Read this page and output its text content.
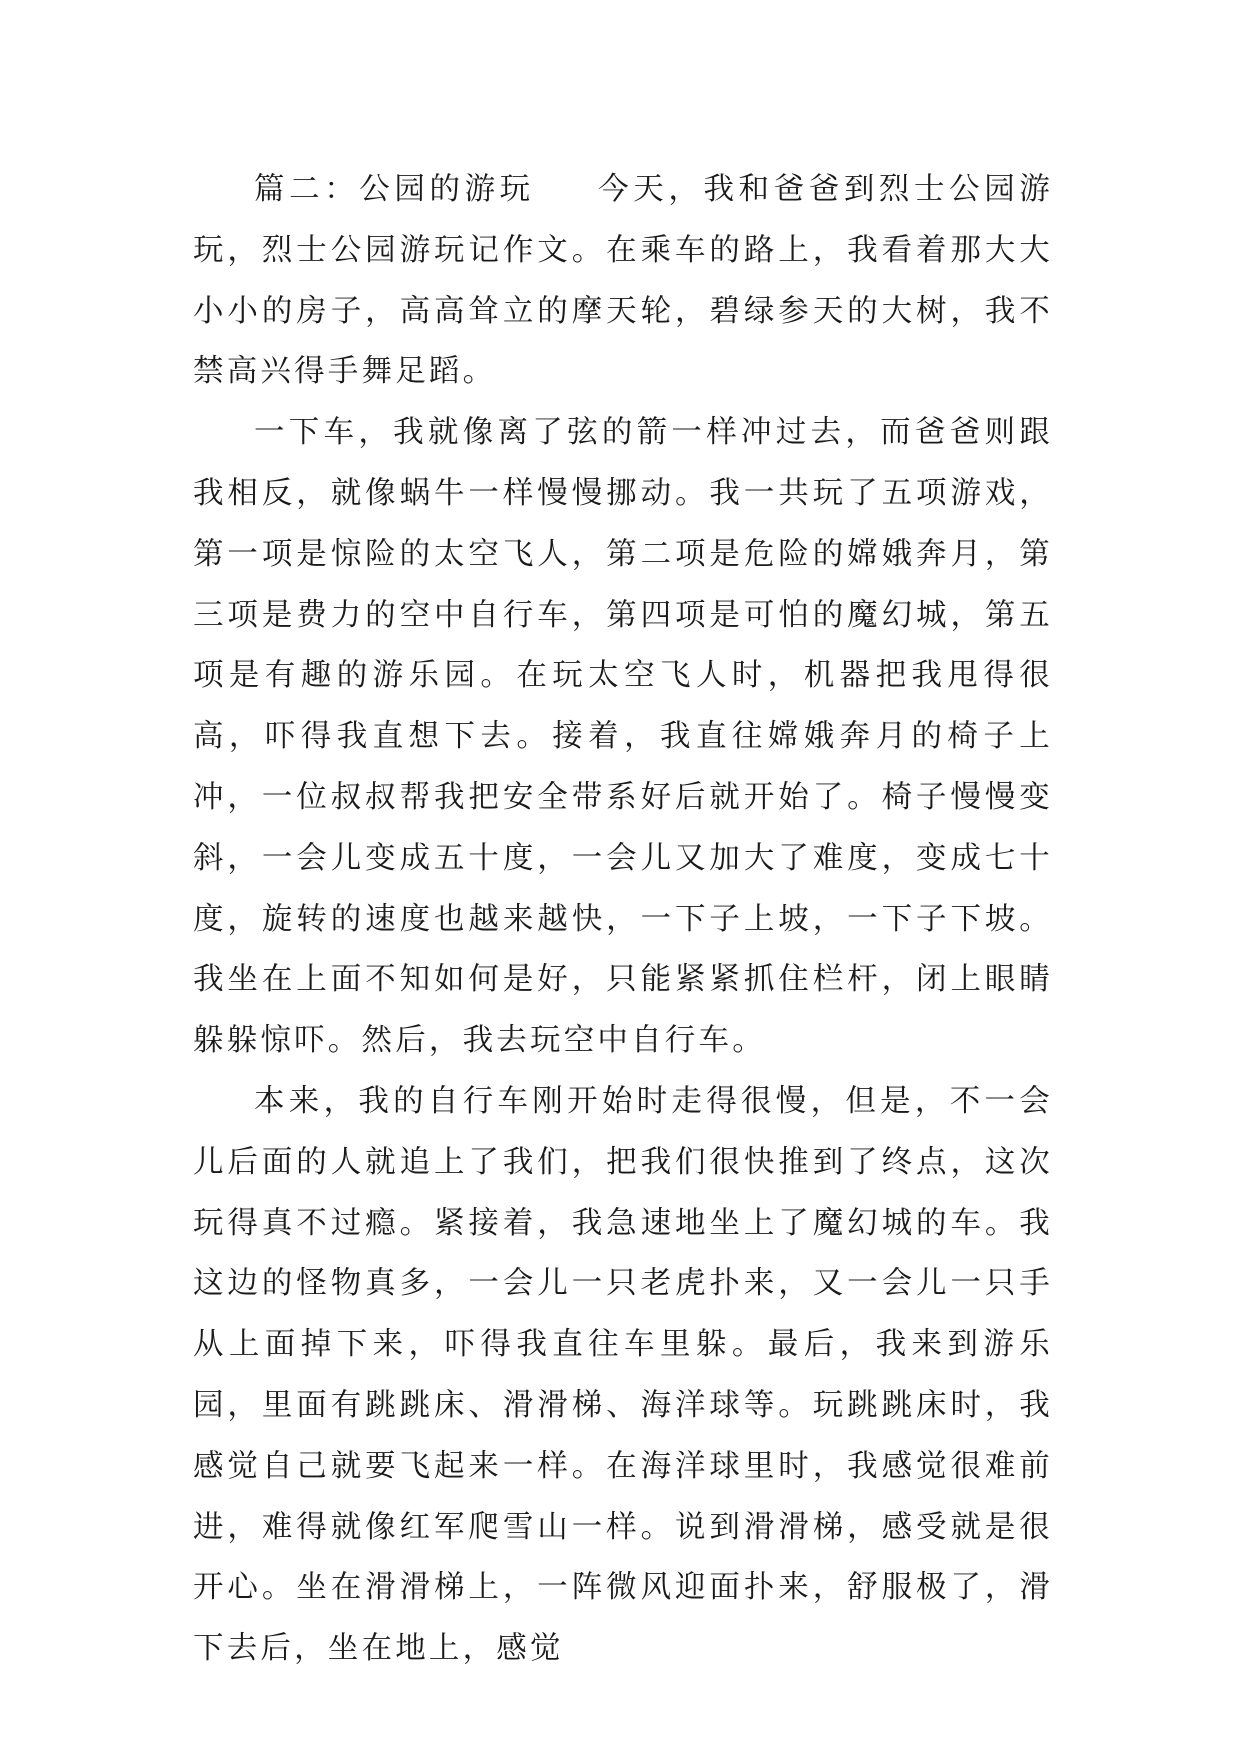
篇二：公园的游玩 今天，我和爸爸到烈士公园游玩，烈士公园游玩记作文。在乘车的路上，我看着那大大小小的房子，高高耸立的摩天轮，碧绿参天的大树，我不禁高兴得手舞足蹈。

一下车，我就像离了弦的箭一样冲过去，而爸爸则跟我相反，就像蜗牛一样慢慢挪动。我一共玩了五项游戏，第一项是惊险的太空飞人，第二项是危险的嫦娥奔月，第三项是费力的空中自行车，第四项是可怕的魔幻城，第五项是有趣的游乐园。在玩太空飞人时，机器把我甩得很高，吓得我直想下去。接着，我直往嫦娥奔月的椅子上冲，一位叔叔帮我把安全带系好后就开始了。椅子慢慢变斜，一会儿变成五十度，一会儿又加大了难度，变成七十度，旋转的速度也越来越快，一下子上坡，一下子下坡。我坐在上面不知如何是好，只能紧紧抓住栏杆，闭上眼睛躲躲惊吓。然后，我去玩空中自行车。

本来，我的自行车刚开始时走得很慢，但是，不一会儿后面的人就追上了我们，把我们很快推到了终点，这次玩得真不过瘾。紧接着，我急速地坐上了魔幻城的车。我这边的怪物真多，一会儿一只老虎扑来，又一会儿一只手从上面掉下来，吓得我直往车里躲。最后，我来到游乐园，里面有跳跳床、滑滑梯、海洋球等。玩跳跳床时，我感觉自己就要飞起来一样。在海洋球里时，我感觉很难前进，难得就像红军爬雪山一样。说到滑滑梯，感受就是很开心。坐在滑滑梯上，一阵微风迎面扑来，舒服极了，滑下去后，坐在地上，感觉
